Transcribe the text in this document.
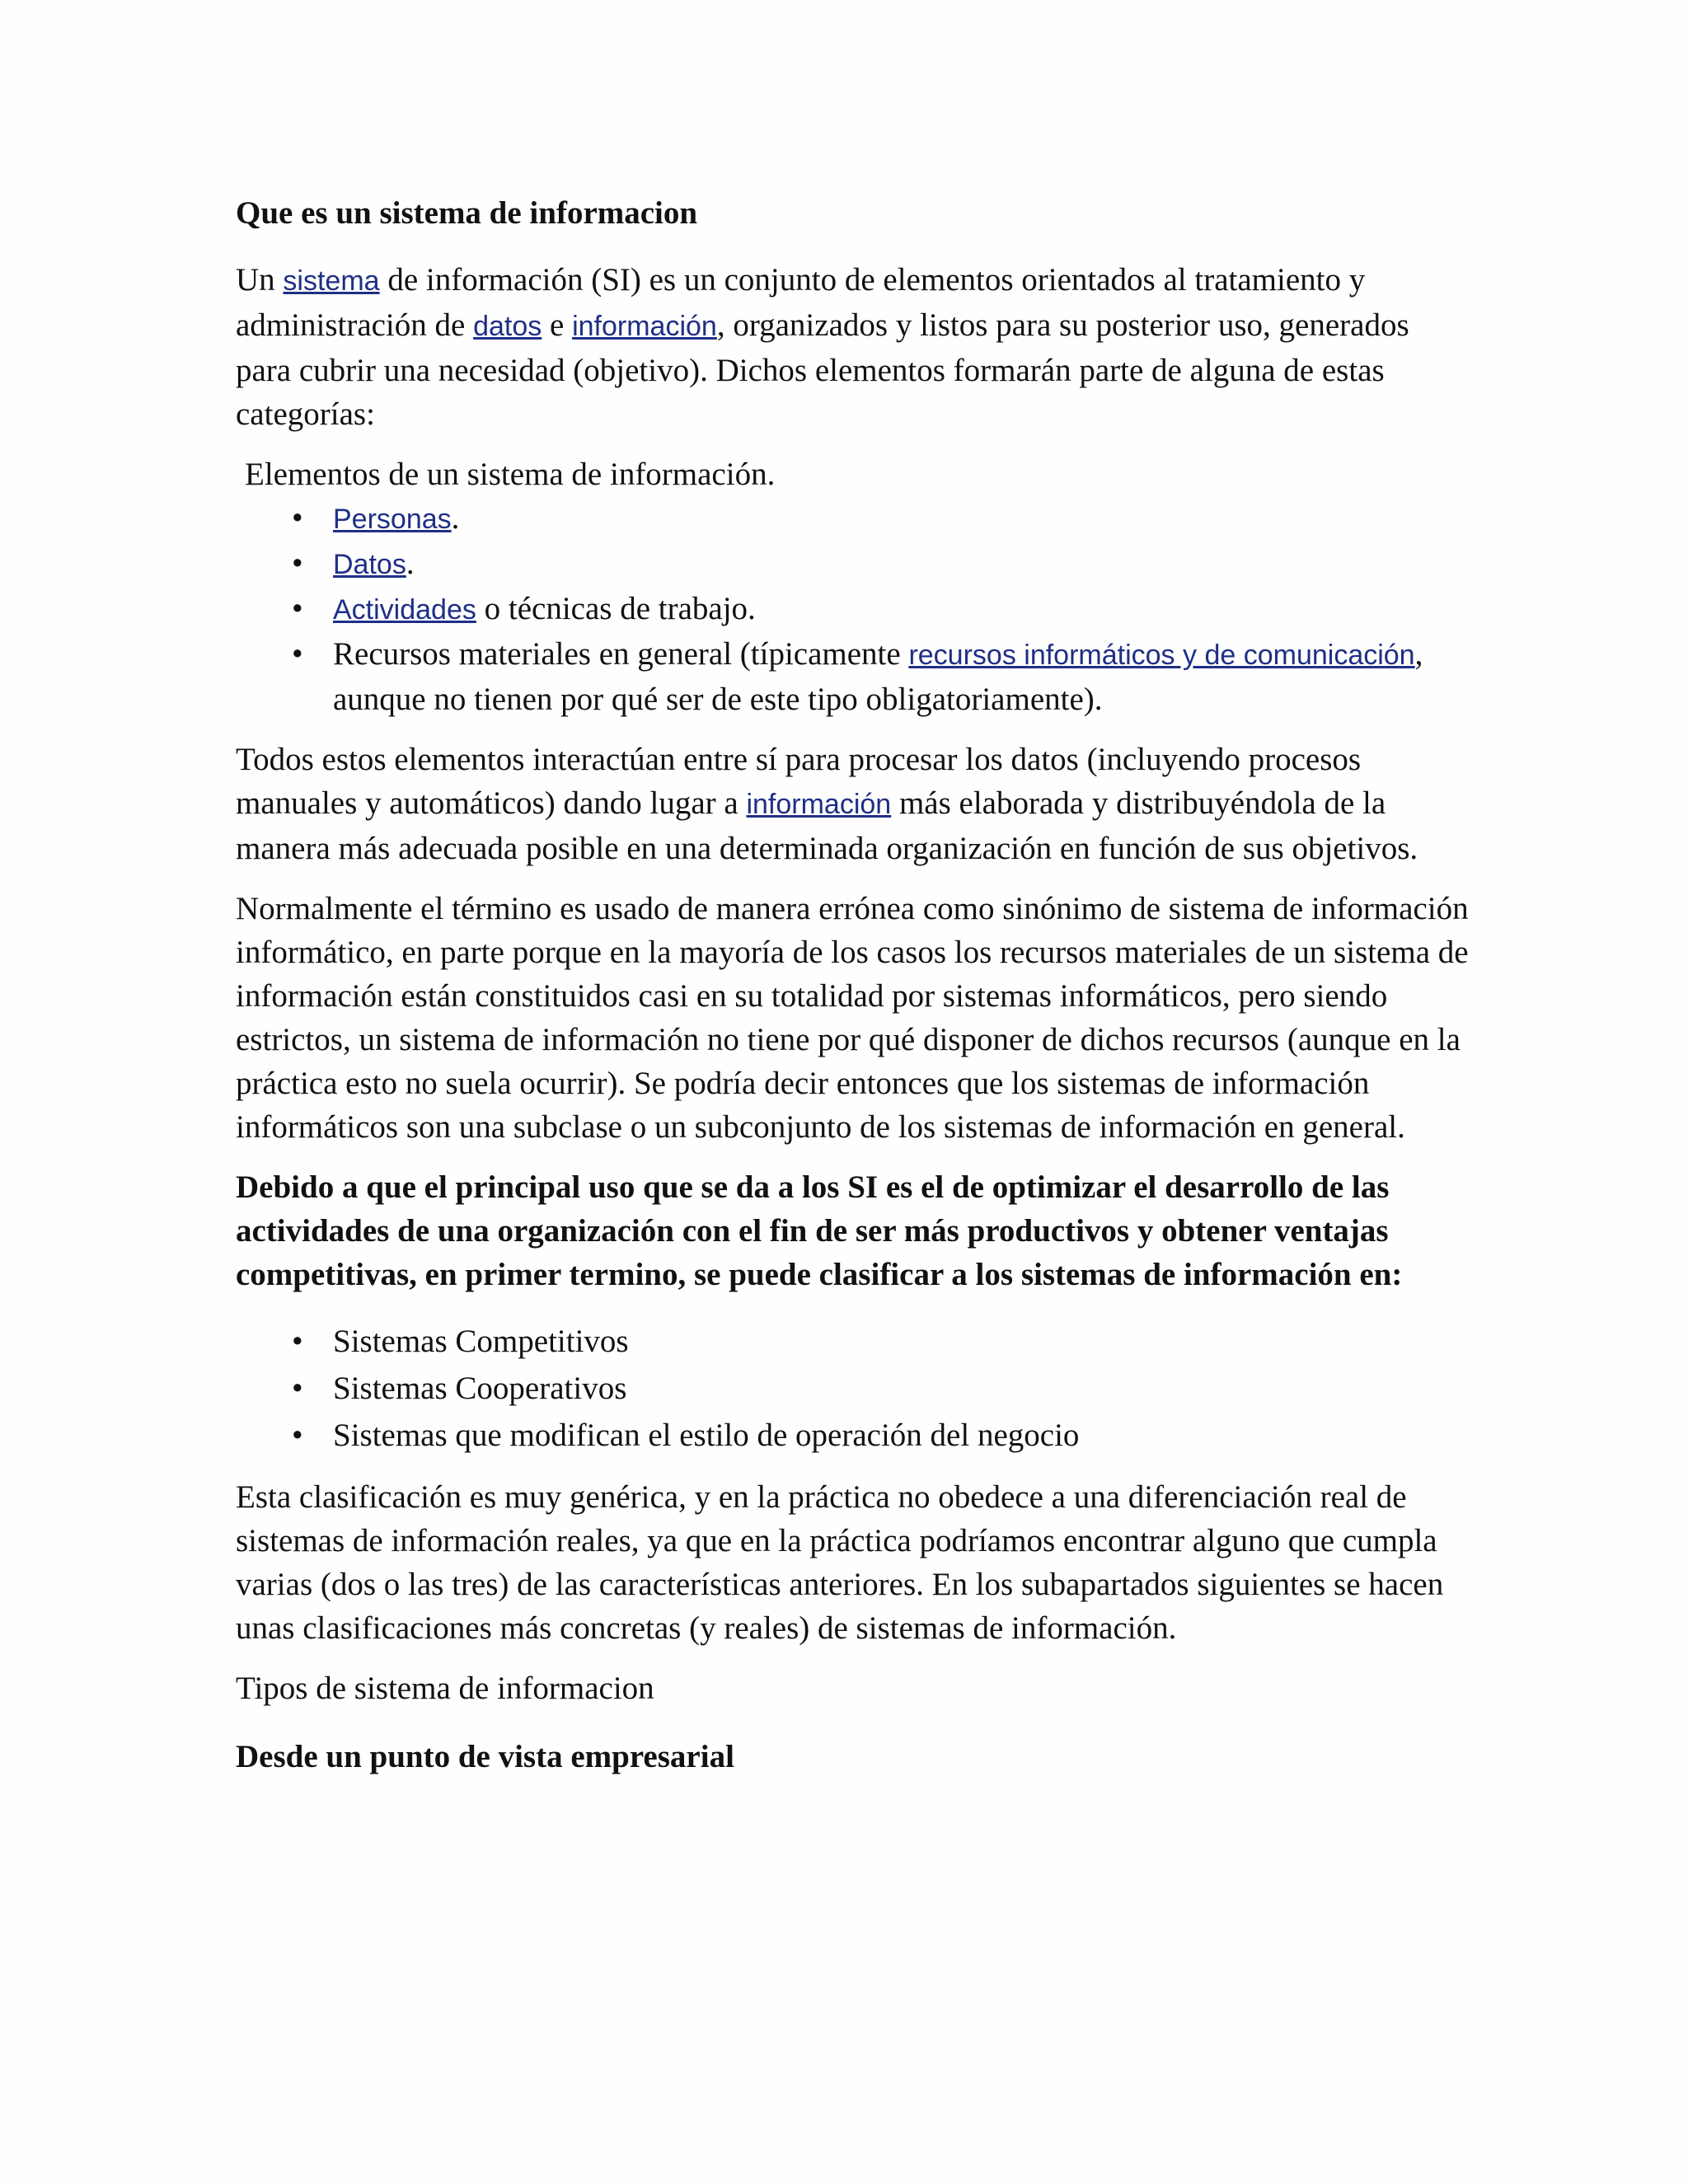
Que es un sistema de informacion

Un sistema de información (SI) es un conjunto de elementos orientados al tratamiento y administración de datos e información, organizados y listos para su posterior uso, generados para cubrir una necesidad (objetivo). Dichos elementos formarán parte de alguna de estas categorías:

Elementos de un sistema de información.
• Personas.
• Datos.
• Actividades o técnicas de trabajo.
• Recursos materiales en general (típicamente recursos informáticos y de comunicación, aunque no tienen por qué ser de este tipo obligatoriamente).

Todos estos elementos interactúan entre sí para procesar los datos (incluyendo procesos manuales y automáticos) dando lugar a información más elaborada y distribuyéndola de la manera más adecuada posible en una determinada organización en función de sus objetivos.

Normalmente el término es usado de manera errónea como sinónimo de sistema de información informático, en parte porque en la mayoría de los casos los recursos materiales de un sistema de información están constituidos casi en su totalidad por sistemas informáticos, pero siendo estrictos, un sistema de información no tiene por qué disponer de dichos recursos (aunque en la práctica esto no suela ocurrir). Se podría decir entonces que los sistemas de información informáticos son una subclase o un subconjunto de los sistemas de información en general.

Debido a que el principal uso que se da a los SI es el de optimizar el desarrollo de las actividades de una organización con el fin de ser más productivos y obtener ventajas competitivas, en primer termino, se puede clasificar a los sistemas de información en:

• Sistemas Competitivos
• Sistemas Cooperativos
• Sistemas que modifican el estilo de operación del negocio

Esta clasificación es muy genérica, y en la práctica no obedece a una diferenciación real de sistemas de información reales, ya que en la práctica podríamos encontrar alguno que cumpla varias (dos o las tres) de las características anteriores. En los subapartados siguientes se hacen unas clasificaciones más concretas (y reales) de sistemas de información.

Tipos de sistema de informacion

Desde un punto de vista empresarial
